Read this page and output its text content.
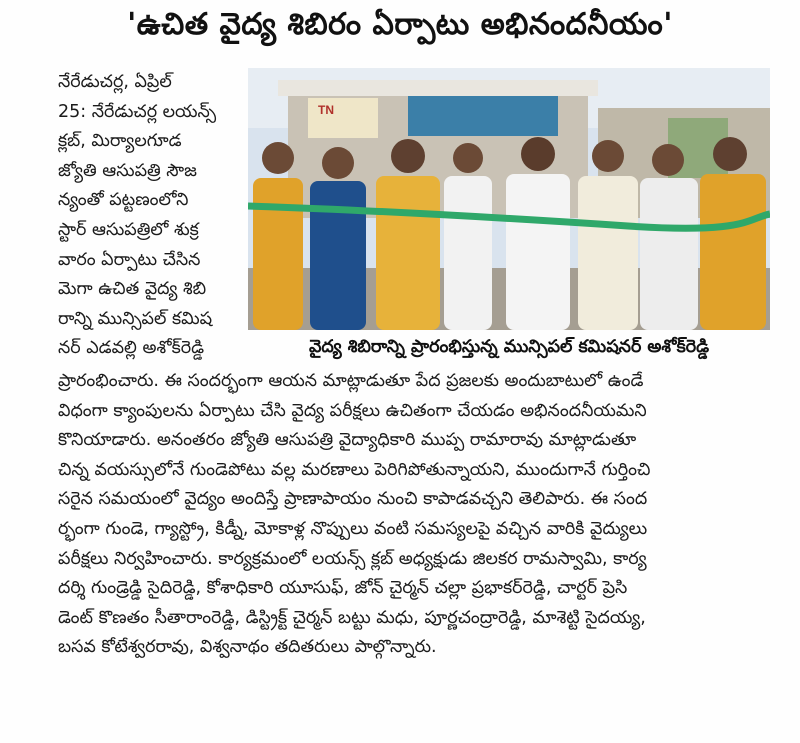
'ఉచిత వైద్య శిబిరం ఏర్పాటు అభినందనీయం'
నేరేడుచర్ల, ఏప్రిల్
25: నేరేడుచర్ల లయన్స్
క్లబ్, మిర్యాలగూడ
జ్యోతి ఆసుపత్రి సౌజ
న్యంతో పట్టణంలోని
స్టార్ ఆసుపత్రిలో శుక్ర
వారం ఏర్పాటు చేసిన
మెగా ఉచిత వైద్య శిబి
రాన్ని మున్సిపల్ కమిష
నర్ ఎడవల్లి అశోక్‌రెడ్డి
TN
వైద్య శిబిరాన్ని ప్రారంభిస్తున్న మున్సిపల్ కమిషనర్ అశోక్‌రెడ్డి
ప్రారంభించారు. ఈ సందర్భంగా ఆయన మాట్లాడుతూ పేద ప్రజలకు అందుబాటులో ఉండే
విధంగా క్యాంపులను ఏర్పాటు చేసి వైద్య పరీక్షలు ఉచితంగా చేయడం అభినందనీయమని
కొనియాడారు. అనంతరం జ్యోతి ఆసుపత్రి వైద్యాధికారి ముప్ప రామారావు మాట్లాడుతూ
చిన్న వయస్సులోనే గుండెపోటు వల్ల మరణాలు పెరిగిపోతున్నాయని, ముందుగానే గుర్తించి
సరైన సమయంలో వైద్యం అందిస్తే ప్రాణాపాయం నుంచి కాపాడవచ్చని తెలిపారు. ఈ సంద
ర్భంగా గుండె, గ్యాస్ట్రో, కిడ్నీ, మోకాళ్ల నొప్పులు వంటి సమస్యలపై వచ్చిన వారికి వైద్యులు
పరీక్షలు నిర్వహించారు. కార్యక్రమంలో లయన్స్ క్లబ్ అధ్యక్షుడు జిలకర రామస్వామి, కార్య
దర్శి గుండ్రెడ్డి సైదిరెడ్డి, కోశాధికారి యూసుఫ్, జోన్ చైర్మన్ చల్లా ప్రభాకర్‌రెడ్డి, చార్టర్ ప్రెసి
డెంట్ కొణతం సీతారాంరెడ్డి, డిస్ట్రిక్ట్ చైర్మన్ బట్టు మధు, పూర్ణచంద్రారెడ్డి, మాశెట్టి సైదయ్య,
బసవ కోటేశ్వరరావు, విశ్వనాథం తదితరులు పాల్గొన్నారు.
